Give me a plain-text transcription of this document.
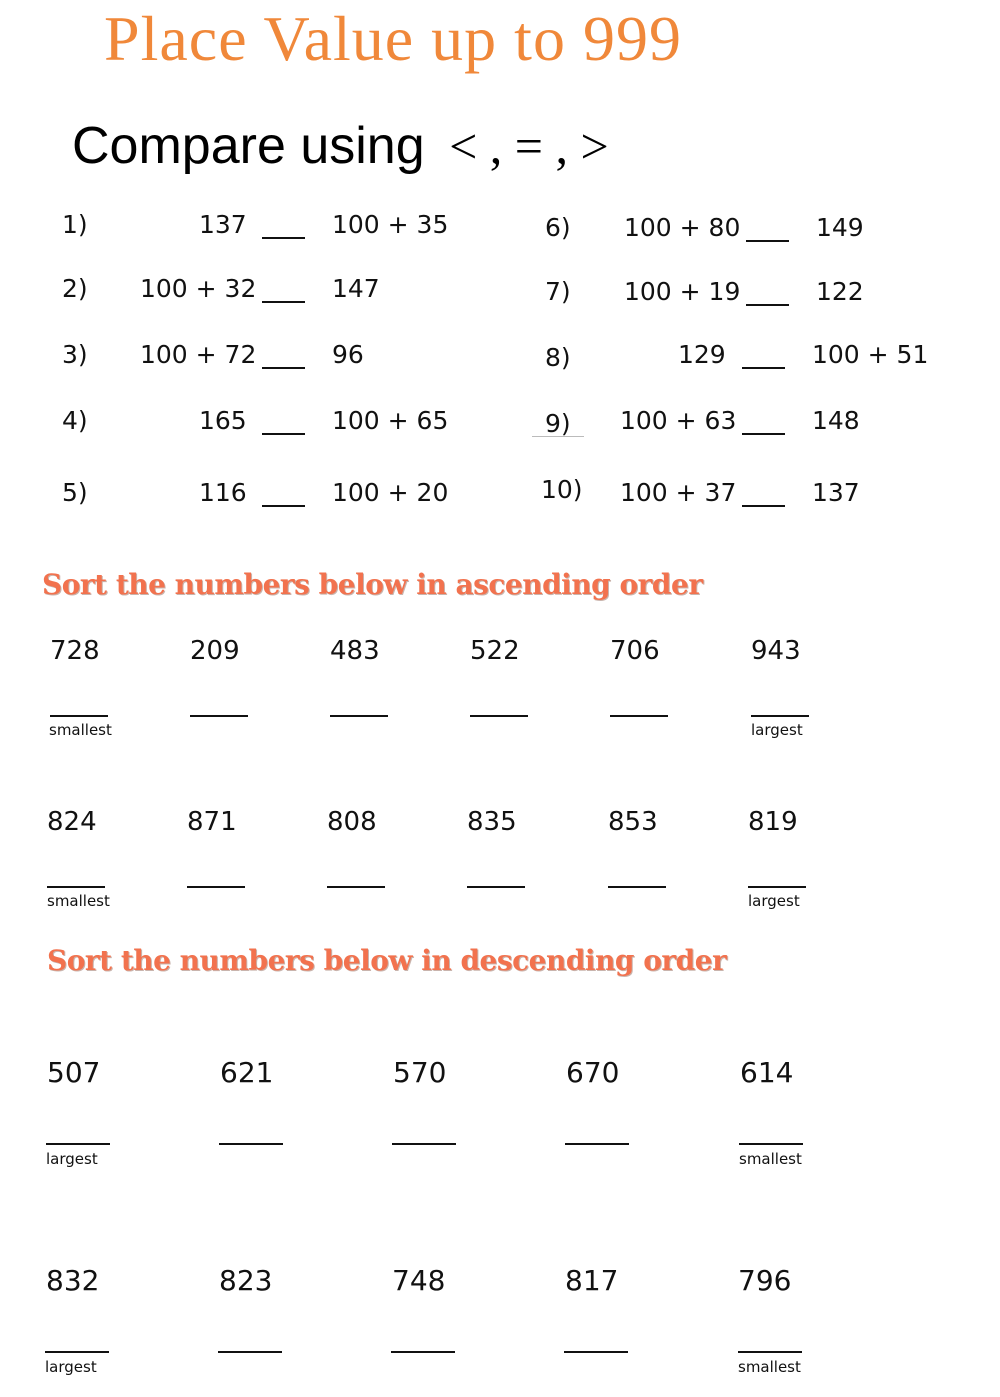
Place Value up to 999
Compare using < , = , >
1)	137	100 + 35
2) 100 + 32	147
3) 100 + 72	96
4)	165	100 + 65
5)	116	100 + 20
6) 100 + 80	149
7) 100 + 19	122
8)	129	100 + 51
9) 100 + 63	148
10) 100 + 37	137
Sort the numbers below in ascending order
728	209	483	522	706	943
smallest	largest
824	871	808	835	853	819
smallest	largest
Sort the numbers below in descending order
507	621	570	670	614
largest	smallest
832	823	748	817	796
largest	smallest
